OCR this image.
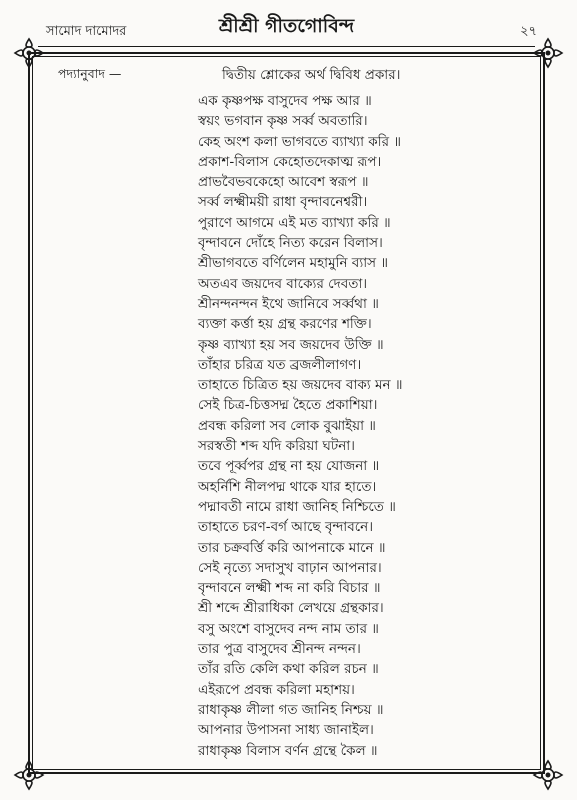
সামোদ দামোদর	শ্রীশ্রী গীতগোবিন্দ	২৭
পদ্যানুবাদ —	দ্বিতীয় শ্লোকের অর্থ দ্বিবিধ প্রকার।
এক কৃষ্ণপক্ষ বাসুদেব পক্ষ আর ॥
স্বয়ং ভগবান কৃষ্ণ সর্ব্ব অবতারি।
কেহ অংশ কলা ভাগবতে ব্যাখ্যা করি ॥
প্রকাশ-বিলাস কেহোতদেকাত্ম রূপ।
প্রাভবৈভবকেহো আবেশ স্বরূপ ॥
সর্ব্ব লক্ষ্মীময়ী রাধা বৃন্দাবনেশ্বরী।
পুরাণে আগমে এই মত ব্যাখ্যা করি ॥
বৃন্দাবনে দোঁহে নিত্য করেন বিলাস।
শ্রীভাগবতে বর্ণিলেন মহামুনি ব্যাস ॥
অতএব জয়দেব বাক্যের দেবতা।
শ্রীনন্দনন্দন ইথে জানিবে সর্ব্বথা ॥
ব্যক্তা কর্ত্তা হয় গ্রন্থ করণের শক্তি।
কৃষ্ণ ব্যাখ্যা হয় সব জয়দেব উক্তি ॥
তাঁহার চরিত্র যত ব্রজলীলাগণ।
তাহাতে চিত্রিত হয় জয়দেব বাক্য মন ॥
সেই চিত্র-চিত্তসদ্ম হৈতে প্রকাশিয়া।
প্রবন্ধ করিলা সব লোক বুঝাইয়া ॥
সরস্বতী শব্দ যদি করিয়া ঘটনা।
তবে পূর্ব্বপর গ্রন্থ না হয় যোজনা ॥
অহর্নিশি নীলপদ্ম থাকে যার হাতে।
পদ্মাবতী নামে রাধা জানিহ নিশ্চিতে ॥
তাহাতে চরণ-বর্গ আছে বৃন্দাবনে।
তার চক্রবর্ত্তি করি আপনাকে মানে ॥
সেই নৃত্যে সদাসুখ বাঢ়ান আপনার।
বৃন্দাবনে লক্ষ্মী শব্দ না করি বিচার ॥
শ্রী শব্দে শ্রীরাধিকা লেখয়ে গ্রন্থকার।
বসু অংশে বাসুদেব নন্দ নাম তার ॥
তার পুত্র বাসুদেব শ্রীনন্দ নন্দন।
তাঁর রতি কেলি কথা করিল রচন ॥
এইরূপে প্রবন্ধ করিলা মহাশয়।
রাধাকৃষ্ণ লীলা গত জানিহ নিশ্চয় ॥
আপনার উপাসনা সাধ্য জানাইল।
রাধাকৃষ্ণ বিলাস বর্ণন গ্রন্থে কৈল ॥
